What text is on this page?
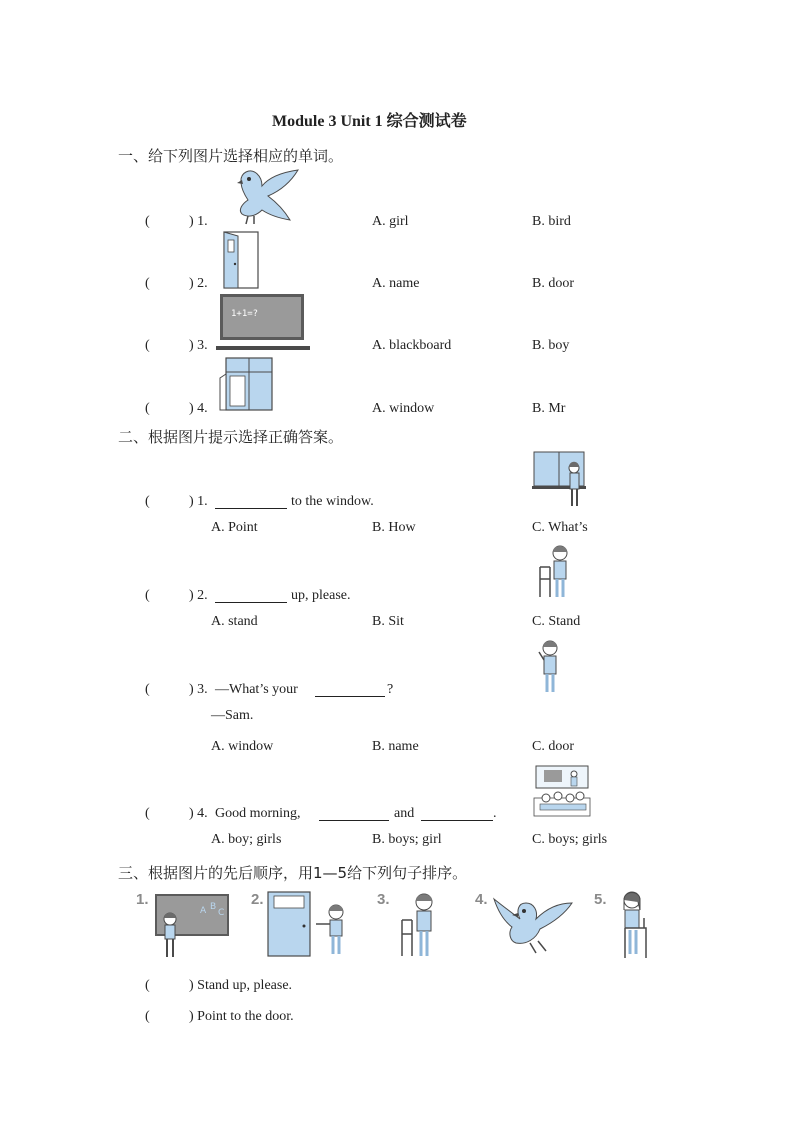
Module 3 Unit 1 综合测试卷
一、给下列图片选择相应的单词。
(	) 1.	A. girl	B. bird
(	) 2.	A. name	B. door
(	) 3.
1+1=?
A. blackboard	B. boy
(	) 4.	A. window	B. Mr
二、根据图片提示选择正确答案。
(	) 1.	to the window.
A. Point	B. How	C. What’s
(	) 2.	up, please.
A. stand	B. Sit	C. Stand
(	) 3. —What’s your	?
—Sam.
A. window	B. name	C. door
(	) 4. Good morning,	and	.
A. boy; girls	B. boys; girl	C. boys; girls
三、根据图片的先后顺序，用1—5给下列句子排序。
1.
A B
C
2.	3.	4.	5.
(	) Stand up, please.
(	) Point to the door.
